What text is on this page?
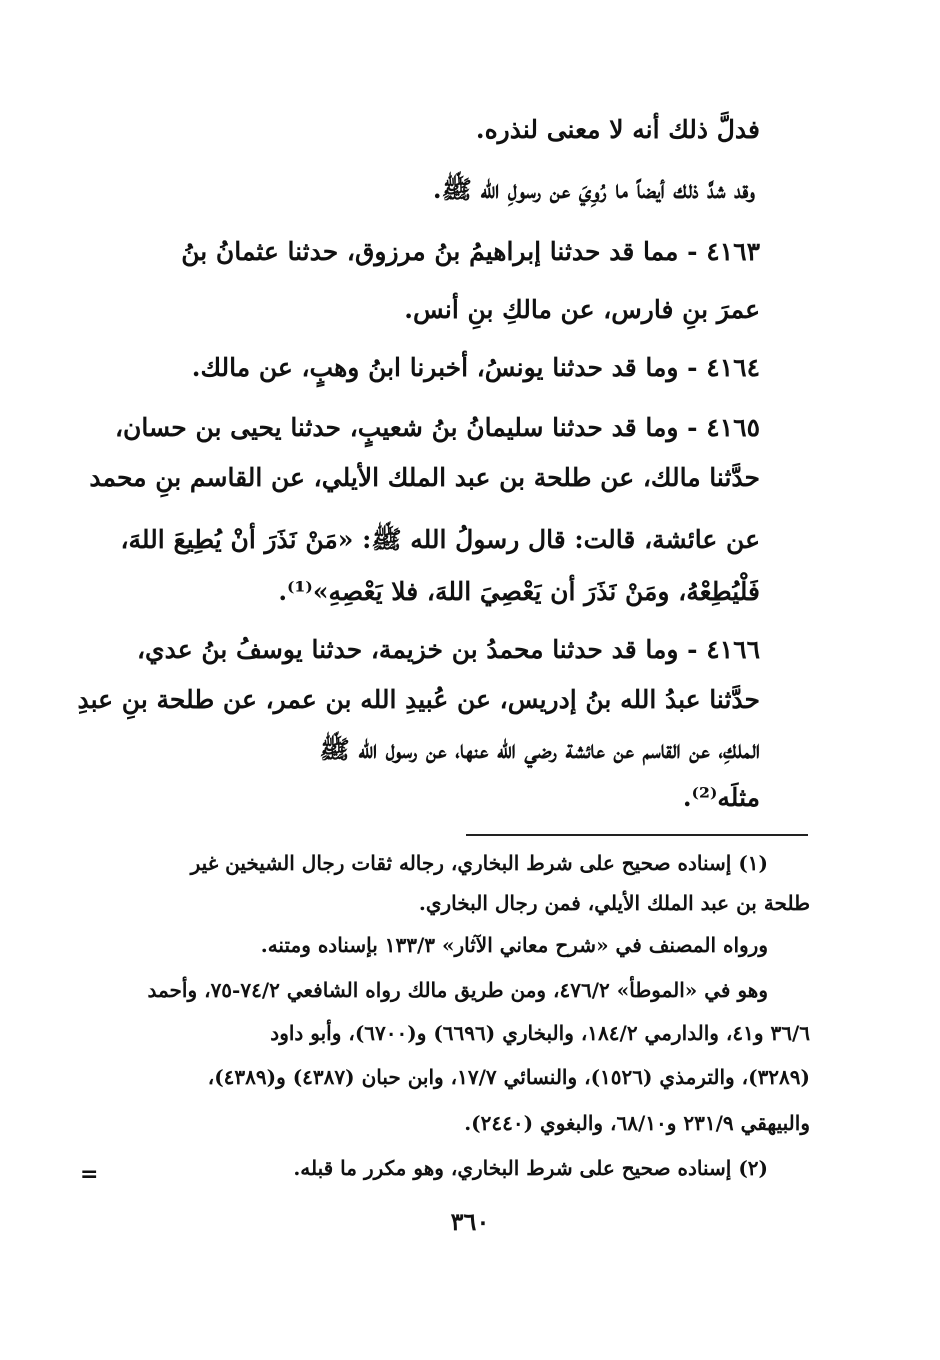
فدلَّ ذلك أنه لا معنى لنذره.
وقد شدَّ ذلك أيضاً ما رُوِيَ عن رسولِ الله ﷺ.
٤١٦٣ - مما قد حدثنا إبراهيمُ بنُ مرزوق، حدثنا عثمانُ بنُ
عمرَ بنِ فارس، عن مالكِ بنِ أنس.
٤١٦٤ - وما قد حدثنا يونسُ، أخبرنا ابنُ وهبٍ، عن مالك.
٤١٦٥ - وما قد حدثنا سليمانُ بنُ شعيبٍ، حدثنا يحيى بن حسان،
حدَّثنا مالك، عن طلحة بن عبد الملك الأيلي، عن القاسم بنِ محمد
عن عائشة، قالت: قال رسولُ الله ﷺ: «مَنْ نَذَرَ أنْ يُطِيعَ اللهَ،
فَلْيُطِعْهُ، ومَنْ نَذَرَ أن يَعْصِيَ اللهَ، فلا يَعْصِهِ»⁽¹⁾.
٤١٦٦ - وما قد حدثنا محمدُ بن خزيمة، حدثنا يوسفُ بنُ عدي،
حدَّثنا عبدُ الله بنُ إدريس، عن عُبيدِ الله بن عمر، عن طلحة بنِ عبدِ
الملكِ، عن القاسم عن عائشة رضي الله عنها، عن رسول الله ﷺ
مثلَه⁽²⁾.
(١) إسناده صحيح على شرط البخاري، رجاله ثقات رجال الشيخين غير
طلحة بن عبد الملك الأيلي، فمن رجال البخاري.
ورواه المصنف في «شرح معاني الآثار» ١٣٣/٣ بإسناده ومتنه.
وهو في «الموطأ» ٤٧٦/٢، ومن طريق مالك رواه الشافعي ٧٤/٢-٧٥، وأحمد
٣٦/٦ و٤١، والدارمي ١٨٤/٢، والبخاري (٦٦٩٦) و(٦٧٠٠)، وأبو داود
(٣٢٨٩)، والترمذي (١٥٢٦)، والنسائي ١٧/٧، وابن حبان (٤٣٨٧) و(٤٣٨٩)،
والبيهقي ٢٣١/٩ و٦٨/١٠، والبغوي (٢٤٤٠).
(٢) إسناده صحيح على شرط البخاري، وهو مكرر ما قبله.
=
٣٦٠
